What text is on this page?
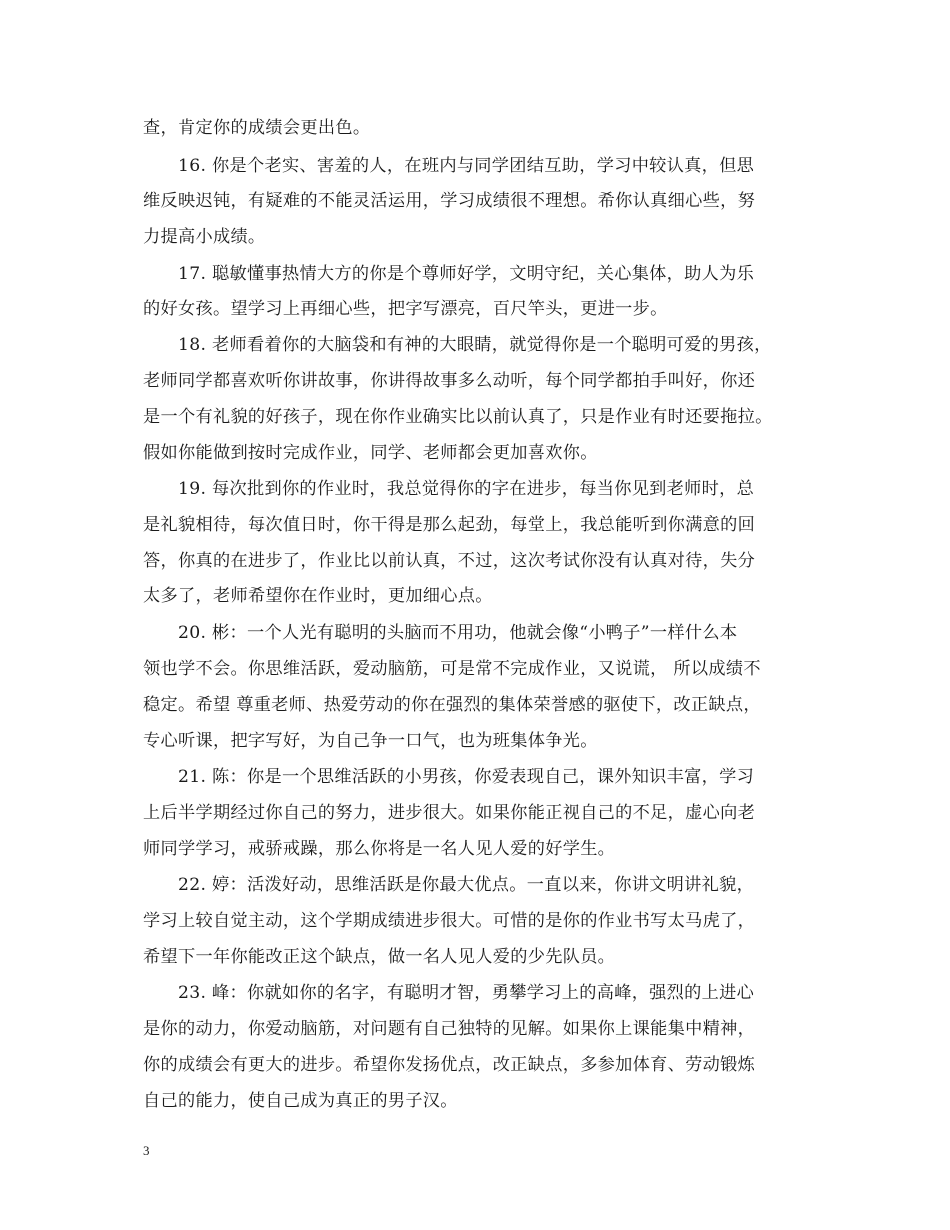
查，肯定你的成绩会更出色。
16. 你是个老实、害羞的人，在班内与同学团结互助，学习中较认真，但思
维反映迟钝，有疑难的不能灵活运用，学习成绩很不理想。希你认真细心些，努
力提高小成绩。
17. 聪敏懂事热情大方的你是个尊师好学，文明守纪，关心集体，助人为乐
的好女孩。望学习上再细心些，把字写漂亮，百尺竿头，更进一步。
18. 老师看着你的大脑袋和有神的大眼睛，就觉得你是一个聪明可爱的男孩，
老师同学都喜欢听你讲故事，你讲得故事多么动听，每个同学都拍手叫好，你还
是一个有礼貌的好孩子，现在你作业确实比以前认真了，只是作业有时还要拖拉。
假如你能做到按时完成作业，同学、老师都会更加喜欢你。
19. 每次批到你的作业时，我总觉得你的字在进步，每当你见到老师时，总
是礼貌相待，每次值日时，你干得是那么起劲，每堂上，我总能听到你满意的回
答，你真的在进步了，作业比以前认真，不过，这次考试你没有认真对待，失分
太多了，老师希望你在作业时，更加细心点。
20. 彬：一个人光有聪明的头脑而不用功，他就会像“小鸭子”一样什么本
领也学不会。你思维活跃，爱动脑筋，可是常不完成作业，又说谎， 所以成绩不
稳定。希望 尊重老师、热爱劳动的你在强烈的集体荣誉感的驱使下，改正缺点，
专心听课，把字写好，为自己争一口气，也为班集体争光。
21. 陈：你是一个思维活跃的小男孩，你爱表现自己，课外知识丰富，学习
上后半学期经过你自己的努力，进步很大。如果你能正视自己的不足，虚心向老
师同学学习，戒骄戒躁，那么你将是一名人见人爱的好学生。
22. 婷：活泼好动，思维活跃是你最大优点。一直以来，你讲文明讲礼貌，
学习上较自觉主动，这个学期成绩进步很大。可惜的是你的作业书写太马虎了，
希望下一年你能改正这个缺点，做一名人见人爱的少先队员。
23. 峰：你就如你的名字，有聪明才智，勇攀学习上的高峰，强烈的上进心
是你的动力，你爱动脑筋，对问题有自己独特的见解。如果你上课能集中精神，
你的成绩会有更大的进步。希望你发扬优点，改正缺点，多参加体育、劳动锻炼
自己的能力，使自己成为真正的男子汉。
3
